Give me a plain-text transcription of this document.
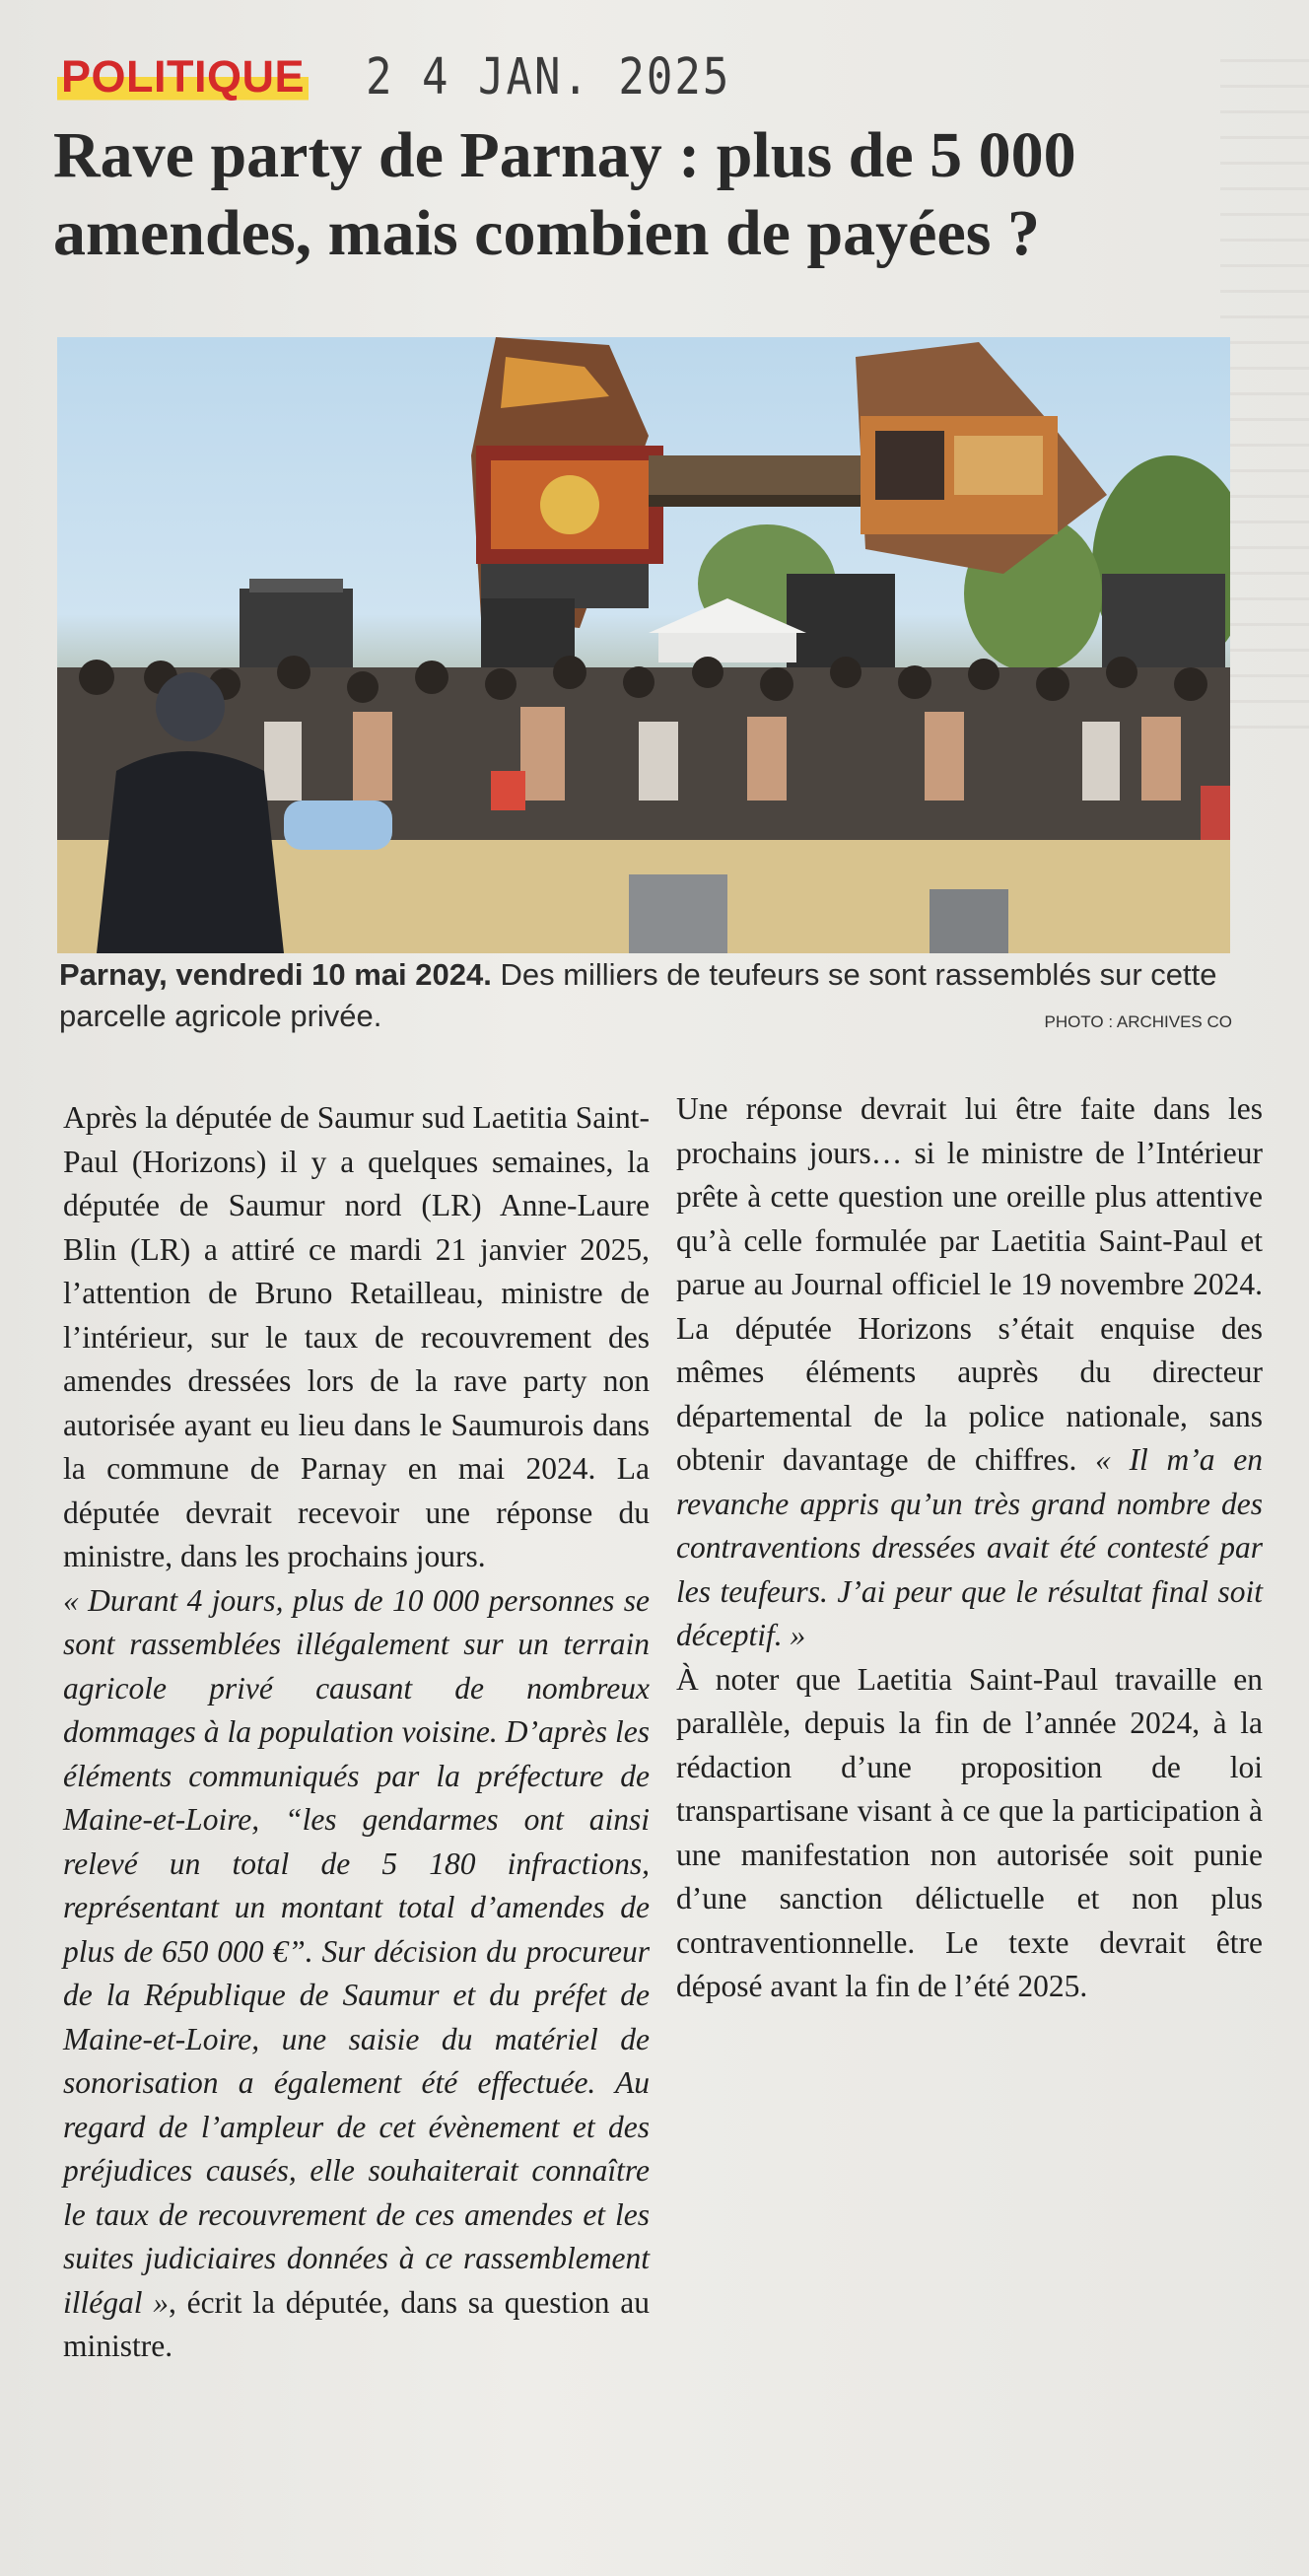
POLITIQUE 2 4 JAN. 2025
Rave party de Parnay : plus de 5 000 amendes, mais combien de payées ?
Parnay, vendredi 10 mai 2024. Des milliers de teufeurs se sont rassemblés sur cette parcelle agricole privée.	PHOTO : ARCHIVES CO

Après la députée de Saumur sud Laetitia Saint-Paul (Horizons) il y a quelques semaines, la députée de Saumur nord (LR) Anne-Laure Blin (LR) a attiré ce mardi 21 janvier 2025, l’attention de Bruno Retailleau, ministre de l’intérieur, sur le taux de recouvrement des amendes dressées lors de la rave party non autorisée ayant eu lieu dans le Saumurois dans la commune de Parnay en mai 2024. La députée devrait recevoir une réponse du ministre, dans les prochains jours.

« Durant 4 jours, plus de 10 000 personnes se sont rassemblées illégalement sur un terrain agricole privé causant de nombreux dommages à la population voisine. D’après les éléments communiqués par la préfecture de Maine-et-Loire, “les gendarmes ont ainsi relevé un total de 5 180 infractions, représentant un montant total d’amendes de plus de 650 000 €”. Sur décision du procureur de la République de Saumur et du préfet de Maine-et-Loire, une saisie du matériel de sonorisation a également été effectuée. Au regard de l’ampleur de cet évènement et des préjudices causés, elle souhaiterait connaître le taux de recouvrement de ces amendes et les suites judiciaires données à ce rassemblement illégal », écrit la députée, dans sa question au ministre.

Une réponse devrait lui être faite dans les prochains jours… si le ministre de l’Intérieur prête à cette question une oreille plus attentive qu’à celle formulée par Laetitia Saint-Paul et parue au Journal officiel le 19 novembre 2024. La députée Horizons s’était enquise des mêmes éléments auprès du directeur départemental de la police nationale, sans obtenir davantage de chiffres. « Il m’a en revanche appris qu’un très grand nombre des contraventions dressées avait été contesté par les teufeurs. J’ai peur que le résultat final soit déceptif. »

À noter que Laetitia Saint-Paul travaille en parallèle, depuis la fin de l’année 2024, à la rédaction d’une proposition de loi transpartisane visant à ce que la participation à une manifestation non autorisée soit punie d’une sanction délictuelle et non plus contraventionnelle. Le texte devrait être déposé avant la fin de l’été 2025.
